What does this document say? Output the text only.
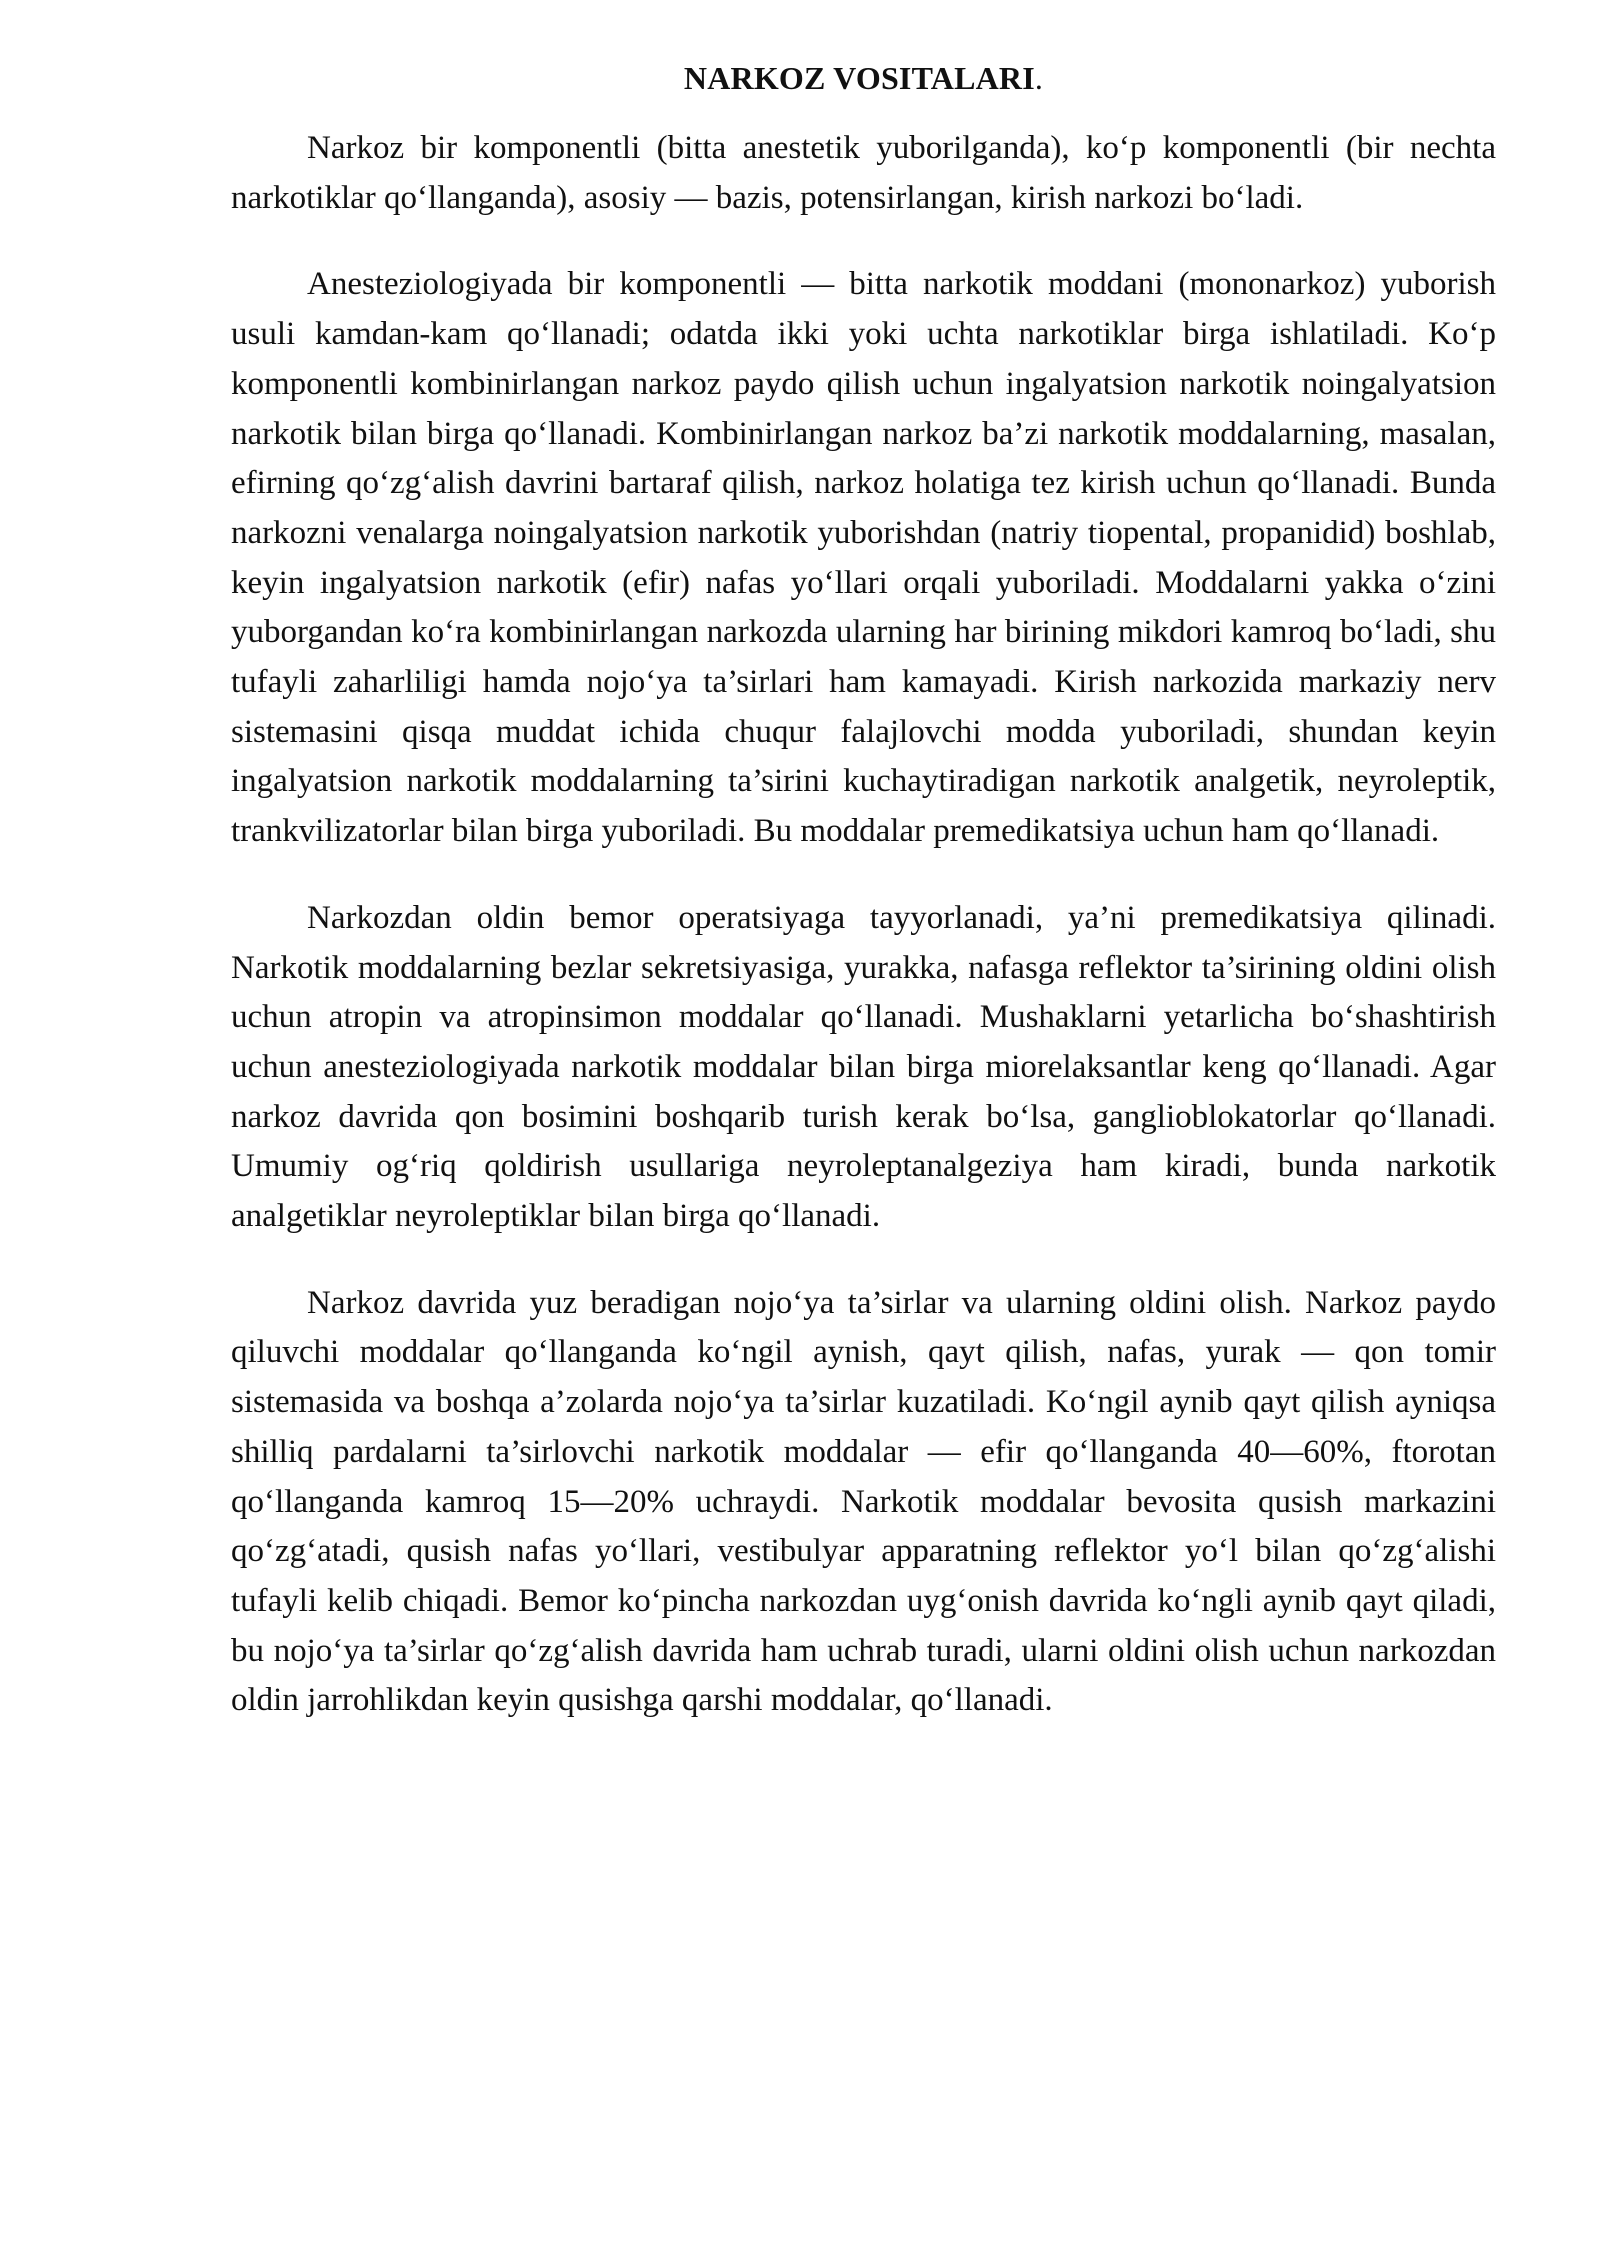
NARKOZ VOSITALARI.

Narkoz bir komponentli (bitta anestetik yuborilganda), ko‘p komponentli (bir nechta narkotiklar qo‘llanganda), asosiy — bazis, potensirlangan, kirish narkozi bo‘ladi.

Anesteziologiyada bir komponentli — bitta narkotik moddani (mononarkoz) yuborish usuli kamdan-kam qo‘llanadi; odatda ikki yoki uchta narkotiklar birga ishlatiladi. Ko‘p komponentli kombinirlangan narkoz paydo qilish uchun ingalyatsion narkotik noingalyatsion narkotik bilan birga qo‘llanadi. Kombinirlangan narkoz ba’zi narkotik moddalarning, masalan, efirning qo‘zg‘alish davrini bartaraf qilish, narkoz holatiga tez kirish uchun qo‘llanadi. Bunda narkozni venalarga noingalyatsion narkotik yuborishdan (natriy tiopental, propanidid) boshlab, keyin ingalyatsion narkotik (efir) nafas yo‘llari orqali yuboriladi. Moddalarni yakka o‘zini yuborgandan ko‘ra kombinirlangan narkozda ularning har birining mikdori kamroq bo‘ladi, shu tufayli zaharliligi hamda nojo‘ya ta’sirlari ham kamayadi. Kirish narkozida markaziy nerv sistemasini qisqa muddat ichida chuqur falajlovchi modda yuboriladi, shundan keyin ingalyatsion narkotik moddalarning ta’sirini kuchaytiradigan narkotik analgetik, neyroleptik, trankvilizatorlar bilan birga yuboriladi. Bu moddalar premedikatsiya uchun ham qo‘llanadi.

Narkozdan oldin bemor operatsiyaga tayyorlanadi, ya’ni premedikatsiya qilinadi. Narkotik moddalarning bezlar sekretsiyasiga, yurakka, nafasga reflektor ta’sirining oldini olish uchun atropin va atropinsimon moddalar qo‘llanadi. Mushaklarni yetarlicha bo‘shashtirish uchun anesteziologiyada narkotik moddalar bilan birga miorelaksantlar keng qo‘llanadi. Agar narkoz davrida qon bosimini boshqarib turish kerak bo‘lsa, ganglioblokatorlar qo‘llanadi. Umumiy og‘riq qoldirish usullariga neyroleptanalgeziya ham kiradi, bunda narkotik analgetiklar neyroleptiklar bilan birga qo‘llanadi.

Narkoz davrida yuz beradigan nojo‘ya ta’sirlar va ularning oldini olish. Narkoz paydo qiluvchi moddalar qo‘llanganda ko‘ngil aynish, qayt qilish, nafas, yurak — qon tomir sistemasida va boshqa a’zolarda nojo‘ya ta’sirlar kuzatiladi. Ko‘ngil aynib qayt qilish ayniqsa shilliq pardalarni ta’sirlovchi narkotik moddalar — efir qo‘llanganda 40—60%, ftorotan qo‘llanganda kamroq 15—20% uchraydi. Narkotik moddalar bevosita qusish markazini qo‘zg‘atadi, qusish nafas yo‘llari, vestibulyar apparatning reflektor yo‘l bilan qo‘zg‘alishi tufayli kelib chiqadi. Bemor ko‘pincha narkozdan uyg‘onish davrida ko‘ngli aynib qayt qiladi, bu nojo‘ya ta’sirlar qo‘zg‘alish davrida ham uchrab turadi, ularni oldini olish uchun narkozdan oldin jarrohlikdan keyin qusishga qarshi moddalar, qo‘llanadi.
